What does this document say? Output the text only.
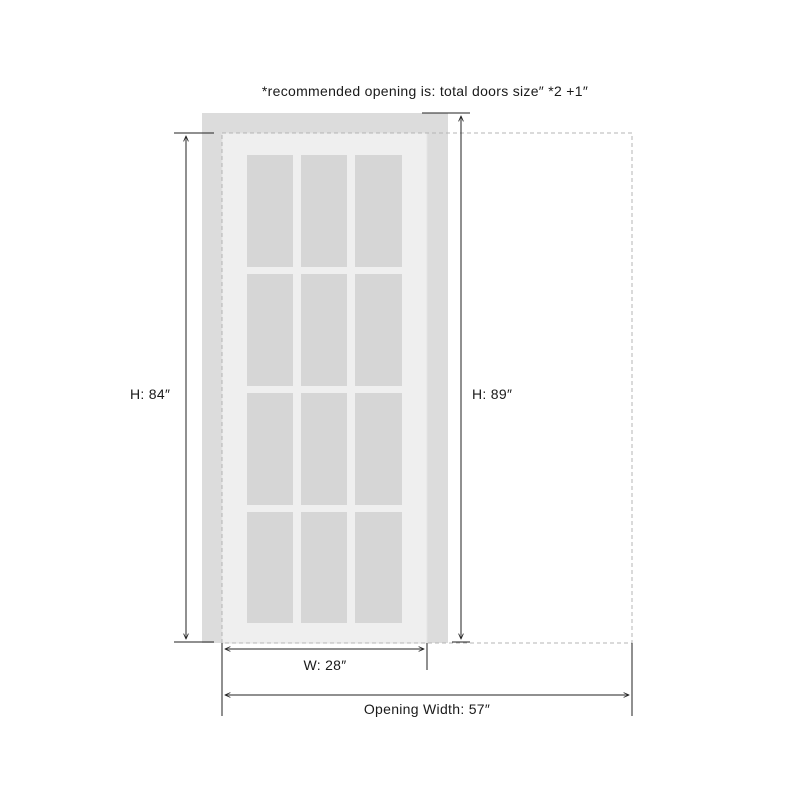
*recommended opening is: total doors size″ *2 +1″
H: 84″	H: 89″
W: 28″
Opening Width: 57″
